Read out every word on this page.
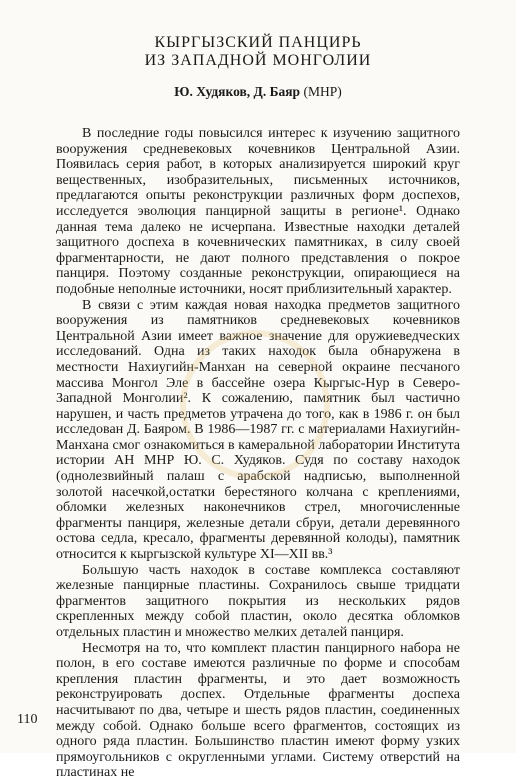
КЫРГЫЗСКИЙ ПАНЦИРЬ
ИЗ ЗАПАДНОЙ МОНГОЛИИ
Ю. Худяков, Д. Баяр (МНР)

В последние годы повысился интерес к изучению защитного вооружения средневековых кочевников Центральной Азии. Появилась серия работ, в которых анализируется широкий круг вещественных, изобразительных, письменных источников, предлагаются опыты реконструкции различных форм доспехов, исследуется эволюция панцирной защиты в регионе¹. Однако данная тема далеко не исчерпана. Известные находки деталей защитного доспеха в кочевнических памятниках, в силу своей фрагментарности, не дают полного представления о покрое панциря. Поэтому созданные реконструкции, опирающиеся на подобные неполные источники, носят приблизительный характер.

В связи с этим каждая новая находка предметов защитного вооружения из памятников средневековых кочевников Центральной Азии имеет важное значение для оружиеведческих исследований. Одна из таких находок была обнаружена в местности Нахиугийн-Манхан на северной окраине песчаного массива Монгол Эле в бассейне озера Кыргыс-Нур в Северо-Западной Монголии². К сожалению, памятник был частично нарушен, и часть предметов утрачена до того, как в 1986 г. он был исследован Д. Баяром. В 1986—1987 гг. с материалами Нахиугийн-Манхана смог ознакомиться в камеральной лаборатории Института истории АН МНР Ю. С. Худяков. Судя по составу находок (однолезвийный палаш с арабской надписью, выполненной золотой насечкой,остатки берестяного колчана с креплениями, обломки железных наконечников стрел, многочисленные фрагменты панциря, железные детали сбруи, детали деревянного остова седла, кресало, фрагменты деревянной колоды), памятник относится к кыргызской культуре XI—XII вв.³

Большую часть находок в составе комплекса составляют железные панцирные пластины. Сохранилось свыше тридцати фрагментов защитного покрытия из нескольких рядов скрепленных между собой пластин, около десятка обломков отдельных пластин и множество мелких деталей панциря.

Несмотря на то, что комплект пластин панцирного набора не полон, в его составе имеются различные по форме и способам крепления пластин фрагменты, и это дает возможность реконструировать доспех. Отдельные фрагменты доспеха насчитывают по два, четыре и шесть рядов пластин, соединенных между собой. Однако больше всего фрагментов, состоящих из одного ряда пластин. Большинство пластин имеют форму узких прямоугольников с округленными углами. Систему отверстий на пластинах не

110
